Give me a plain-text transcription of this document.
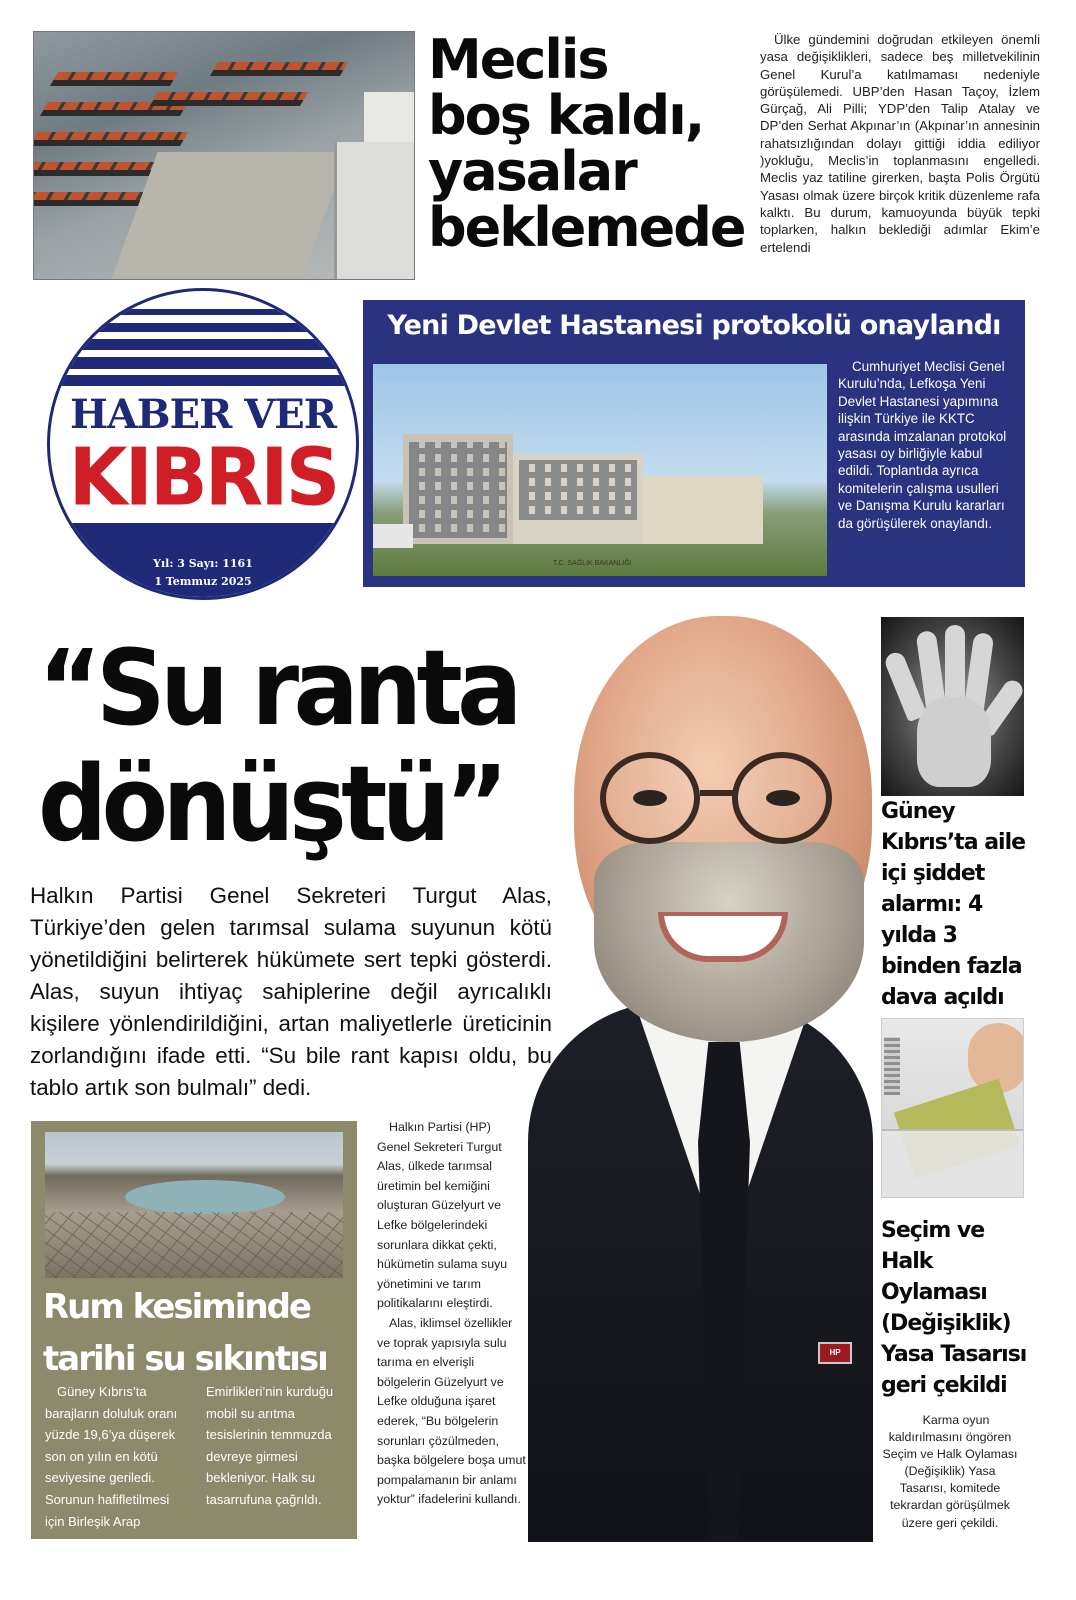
Meclis
boş kaldı,
yasalar
beklemede
Ülke gündemini doğrudan etkileyen önemli yasa değişiklikleri, sadece beş milletvekilinin Genel Kurul’a katılmaması nedeniyle görüşülemedi. UBP’den Hasan Taçoy, İzlem Gürçağ, Ali Pilli; YDP’den Talip Atalay ve DP’den Serhat Akpınar’ın (Akpınar’ın annesinin rahatsızlığından dolayı gittiği iddia ediliyor )yokluğu, Meclis’in toplanmasını engelledi. Meclis yaz tatiline girerken, başta Polis Örgütü Yasası olmak üzere birçok kritik düzenleme rafa kalktı. Bu durum, kamuoyunda büyük tepki toplarken, halkın beklediği adımlar Ekim’e ertelendi
HABER VER
KIBRIS
Yıl: 3 Sayı: 1161
1 Temmuz 2025
Yeni Devlet Hastanesi protokolü onaylandı
T.C. SAĞLIK BAKANLIĞI
Cumhuriyet Meclisi Genel Kurulu’nda, Lefkoşa Yeni Devlet Hastanesi yapımına ilişkin Türkiye ile KKTC arasında imzalanan protokol yasası oy birliğiyle kabul edildi. Toplantıda ayrıca komitelerin çalışma usulleri ve Danışma Kurulu kararları da görüşülerek onaylandı.
HP
“Su ranta
dönüştü”
Halkın Partisi Genel Sekreteri Turgut Alas, Türkiye’den gelen tarımsal sulama suyunun kötü yönetildiğini belirterek hükümete sert tepki gösterdi. Alas, suyun ihtiyaç sahiplerine değil ayrıcalıklı kişilere yönlendirildiğini, artan maliyetlerle üreticinin zorlandığını ifade etti. “Su bile rant kapısı oldu, bu tablo artık son bulmalı” dedi.

Halkın Partisi (HP) Genel Sekreteri Turgut Alas, ülkede tarımsal üretimin bel kemiğini oluşturan Güzelyurt ve Lefke bölgelerindeki sorunlara dikkat çekti, hükümetin sulama suyu yönetimini ve tarım politikalarını eleştirdi.

Alas, iklimsel özellikler ve toprak yapısıyla sulu tarıma en elverişli bölgelerin Güzelyurt ve Lefke olduğuna işaret ederek, “Bu bölgelerin sorunları çözülmeden, başka bölgelere boşa umut pompalamanın bir anlamı yoktur” ifadelerini kullandı.

Rum kesiminde
tarihi su sıkıntısı

Güney Kıbrıs’ta barajların doluluk oranı yüzde 19,6’ya düşerek son on yılın en kötü seviyesine geriledi. Sorunun hafifletilmesi için Birleşik Arap Emirlikleri’nin kurduğu mobil su arıtma tesislerinin temmuzda devreye girmesi bekleniyor. Halk su tasarrufuna çağrıldı.

Güney Kıbrıs’ta aile içi şiddet alarmı: 4 yılda 3 binden fazla dava açıldı
Seçim ve Halk Oylaması (Değişiklik) Yasa Tasarısı geri çekildi
Karma oyun kaldırılmasını öngören Seçim ve Halk Oylaması (Değişiklik) Yasa Tasarısı, komitede tekrardan görüşülmek üzere geri çekildi.
